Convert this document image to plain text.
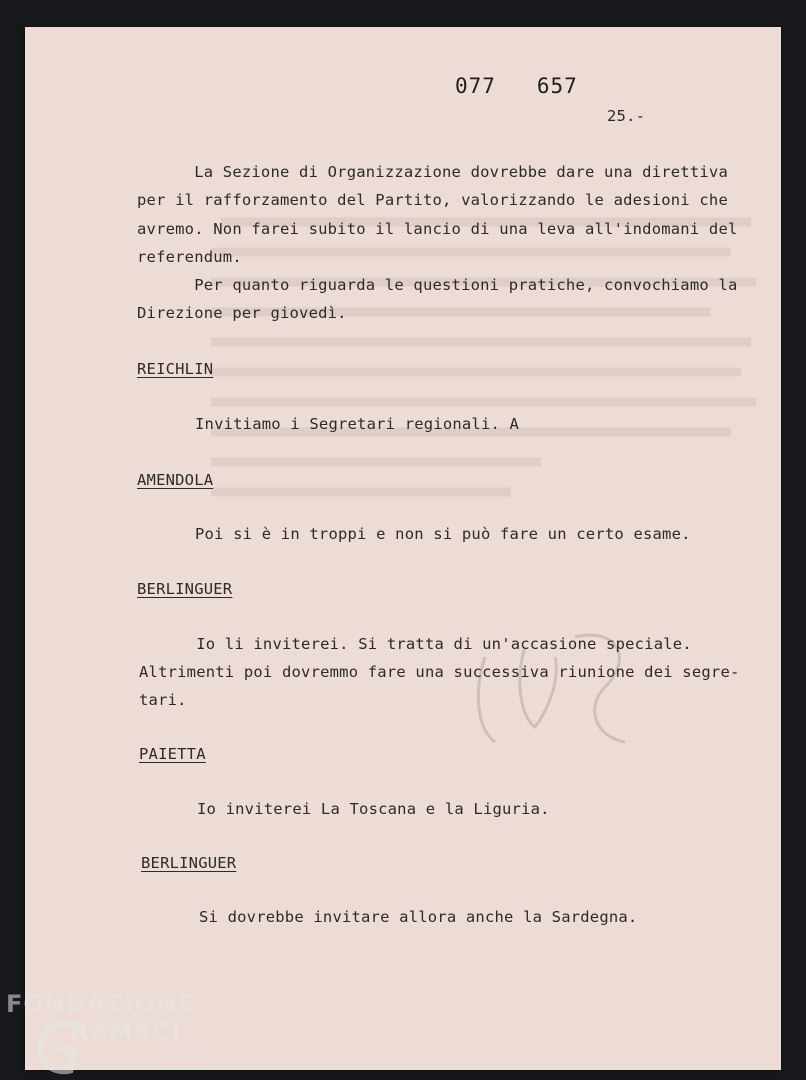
077   657
25.-
La Sezione di Organizzazione dovrebbe dare una direttiva
per il rafforzamento del Partito, valorizzando le adesioni che
avremo. Non farei subito il lancio di una leva all'indomani del
referendum.
Per quanto riguarda le questioni pratiche, convochiamo la
Direzione per giovedì.
REICHLIN
Invitiamo i Segretari regionali. A
AMENDOLA
Poi si è in troppi e non si può fare un certo esame.
BERLINGUER
Io li inviterei. Si tratta di un'accasione speciale.
Altrimenti poi dovremmo fare una successiva riunione dei segre-
tari.
PAIETTA
Io inviterei La Toscana e la Liguria.
BERLINGUER
Si dovrebbe invitare allora anche la Sardegna.
FONDAZIONE
RAMSCI
onlus
